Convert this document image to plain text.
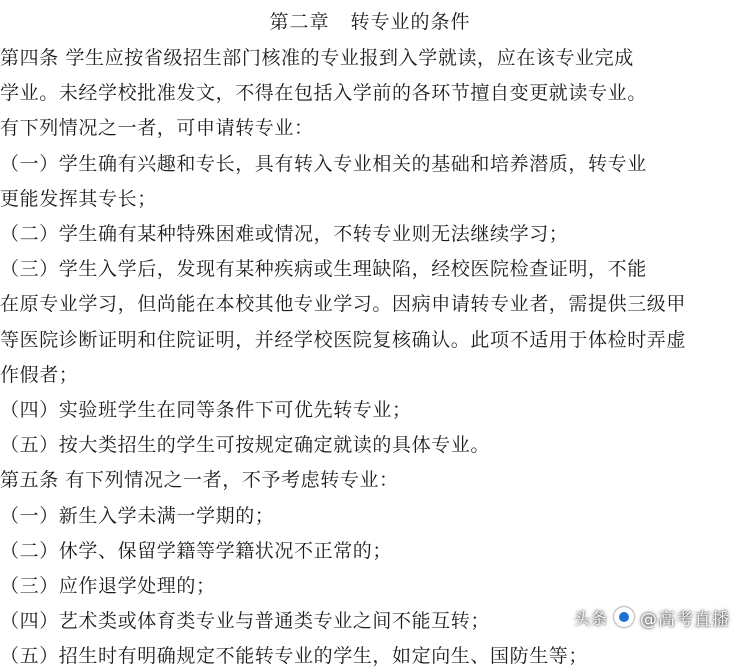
第二章   转专业的条件
第四条 学生应按省级招生部门核准的专业报到入学就读，应在该专业完成
学业。未经学校批准发文，不得在包括入学前的各环节擅自变更就读专业。
有下列情况之一者，可申请转专业：
（一）学生确有兴趣和专长，具有转入专业相关的基础和培养潜质，转专业
更能发挥其专长；
（二）学生确有某种特殊困难或情况，不转专业则无法继续学习；
（三）学生入学后，发现有某种疾病或生理缺陷，经校医院检查证明，不能
在原专业学习，但尚能在本校其他专业学习。因病申请转专业者，需提供三级甲
等医院诊断证明和住院证明，并经学校医院复核确认。此项不适用于体检时弄虚
作假者；
（四）实验班学生在同等条件下可优先转专业；
（五）按大类招生的学生可按规定确定就读的具体专业。
第五条 有下列情况之一者，不予考虑转专业：
（一）新生入学未满一学期的；
（二）休学、保留学籍等学籍状况不正常的；
（三）应作退学处理的；
（四）艺术类或体育类专业与普通类专业之间不能互转；
（五）招生时有明确规定不能转专业的学生，如定向生、国防生等；
头条 @高考直播
